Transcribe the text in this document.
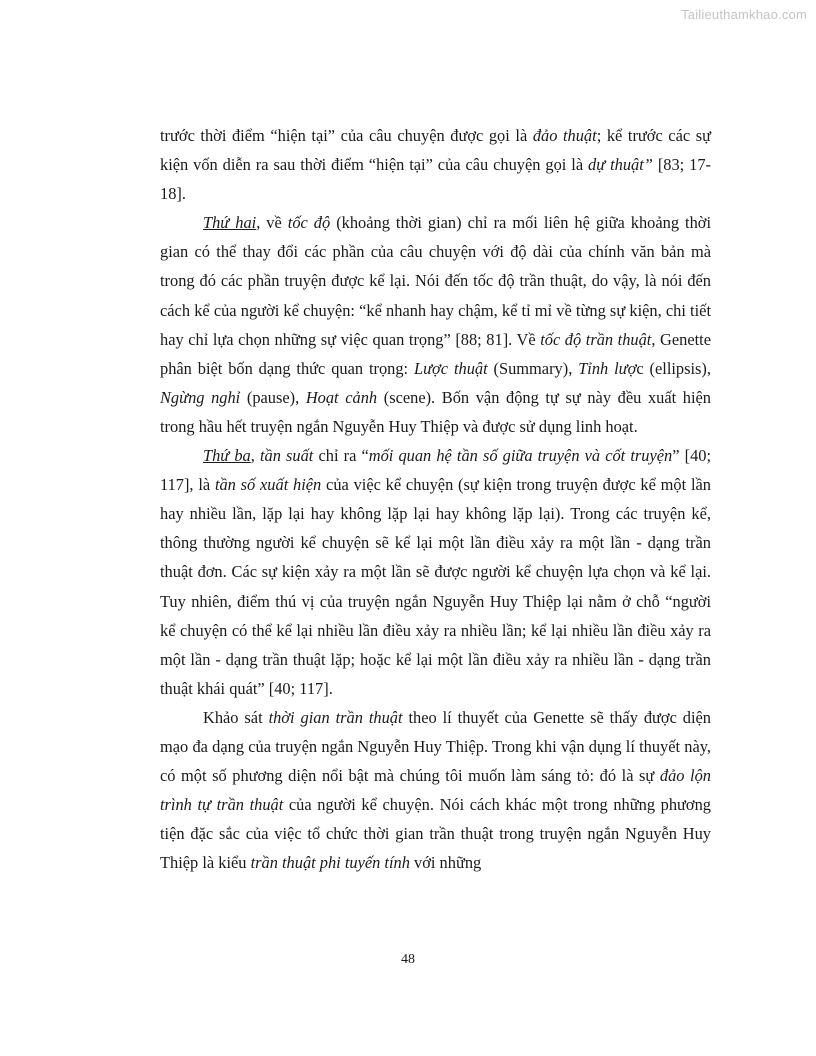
Tailieuthamkhao.com

trước thời điểm “hiện tại” của câu chuyện được gọi là đảo thuật; kể trước các sự kiện vốn diễn ra sau thời điểm “hiện tại” của câu chuyện gọi là dự thuật” [83; 17-18].

Thứ hai, về tốc độ (khoảng thời gian) chỉ ra mối liên hệ giữa khoảng thời gian có thể thay đổi các phần của câu chuyện với độ dài của chính văn bản mà trong đó các phần truyện được kể lại. Nói đến tốc độ trần thuật, do vậy, là nói đến cách kể của người kể chuyện: “kể nhanh hay chậm, kể tỉ mỉ về từng sự kiện, chi tiết hay chỉ lựa chọn những sự việc quan trọng” [88; 81]. Về tốc độ trần thuật, Genette phân biệt bốn dạng thức quan trọng: Lược thuật (Summary), Tỉnh lược (ellipsis), Ngừng nghỉ (pause), Hoạt cảnh (scene). Bốn vận động tự sự này đều xuất hiện trong hầu hết truyện ngắn Nguyễn Huy Thiệp và được sử dụng linh hoạt.

Thứ ba, tần suất chỉ ra “mối quan hệ tần số giữa truyện và cốt truyện” [40; 117], là tần số xuất hiện của việc kể chuyện (sự kiện trong truyện được kể một lần hay nhiều lần, lặp lại hay không lặp lại hay không lặp lại). Trong các truyện kể, thông thường người kể chuyện sẽ kể lại một lần điều xảy ra một lần - dạng trần thuật đơn. Các sự kiện xảy ra một lần sẽ được người kể chuyện lựa chọn và kể lại. Tuy nhiên, điểm thú vị của truyện ngắn Nguyễn Huy Thiệp lại nằm ở chỗ “người kể chuyện có thể kể lại nhiều lần điều xảy ra nhiều lần; kể lại nhiều lần điều xảy ra một lần - dạng trần thuật lặp; hoặc kể lại một lần điều xảy ra nhiều lần - dạng trần thuật khái quát” [40; 117].

Khảo sát thời gian trần thuật theo lí thuyết của Genette sẽ thấy được diện mạo đa dạng của truyện ngắn Nguyễn Huy Thiệp. Trong khi vận dụng lí thuyết này, có một số phương diện nổi bật mà chúng tôi muốn làm sáng tỏ: đó là sự đảo lộn trình tự trần thuật của người kể chuyện. Nói cách khác một trong những phương tiện đặc sắc của việc tổ chức thời gian trần thuật trong truyện ngắn Nguyễn Huy Thiệp là kiểu trần thuật phi tuyến tính với những

48
